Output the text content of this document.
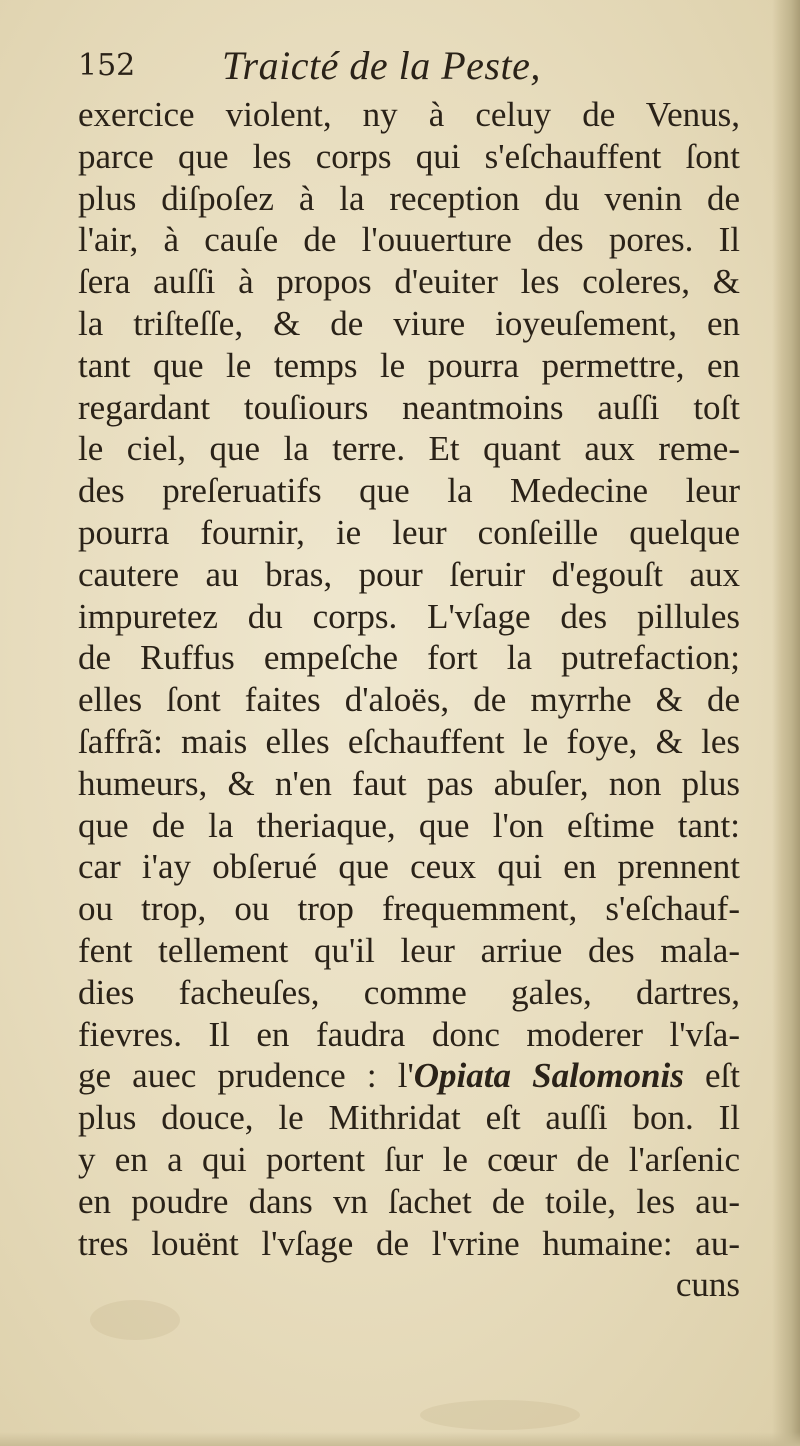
152 Traicté de la Peste,
exercice violent, ny à celuy de Venus,
parce que les corps qui s'eſchauffent ſont
plus diſpoſez à la reception du venin de
l'air, à cauſe de l'ouuerture des pores. Il
ſera auſſi à propos d'euiter les coleres, &
la triſteſſe, & de viure ioyeuſement, en
tant que le temps le pourra permettre, en
regardant touſiours neantmoins auſſi toſt
le ciel, que la terre. Et quant aux reme-
des preſeruatifs que la Medecine leur
pourra fournir, ie leur conſeille quelque
cautere au bras, pour ſeruir d'egouſt aux
impuretez du corps. L'vſage des pillules
de Ruffus empeſche fort la putrefaction;
elles ſont faites d'aloës, de myrrhe & de
ſaffrã: mais elles eſchauffent le foye, & les
humeurs, & n'en faut pas abuſer, non plus
que de la theriaque, que l'on eſtime tant:
car i'ay obſerué que ceux qui en prennent
ou trop, ou trop frequemment, s'eſchauf-
fent tellement qu'il leur arriue des mala-
dies facheuſes, comme gales, dartres,
fievres. Il en faudra donc moderer l'vſa-
ge auec prudence : l'Opiata Salomonis eſt
plus douce, le Mithridat eſt auſſi bon. Il
y en a qui portent ſur le cœur de l'arſenic
en poudre dans vn ſachet de toile, les au-
tres louënt l'vſage de l'vrine humaine: au-
cuns
